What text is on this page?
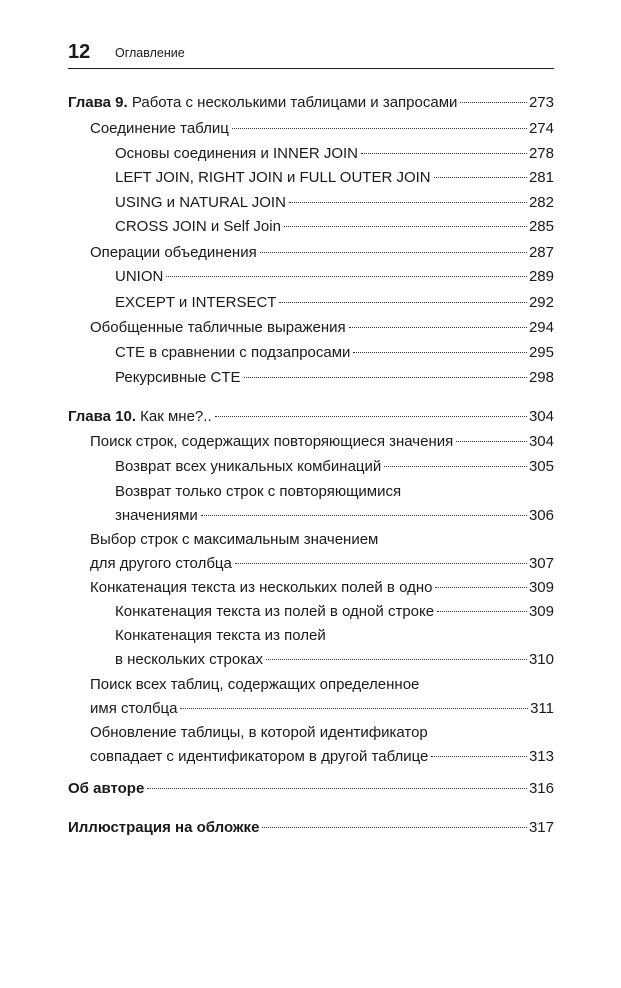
12 Оглавление
Глава 9. Работа с несколькими таблицами и запросами	273
Соединение таблиц	274
Основы соединения и INNER JOIN	278
LEFT JOIN, RIGHT JOIN и FULL OUTER JOIN	281
USING и NATURAL JOIN	282
CROSS JOIN и Self Join	285
Операции объединения	287
UNION	289
EXCEPT и INTERSECT	292
Обобщенные табличные выражения	294
CTE в сравнении с подзапросами	295
Рекурсивные CTE	298
Глава 10. Как мне?..	304
Поиск строк, содержащих повторяющиеся значения	304
Возврат всех уникальных комбинаций	305
Возврат только строк с повторяющимися
значениями	306
Выбор строк с максимальным значением
для другого столбца	307
Конкатенация текста из нескольких полей в одно	309
Конкатенация текста из полей в одной строке	309
Конкатенация текста из полей
в нескольких строках	310
Поиск всех таблиц, содержащих определенное
имя столбца	311
Обновление таблицы, в которой идентификатор
совпадает с идентификатором в другой таблице	313
Об авторе	316
Иллюстрация на обложке	317
